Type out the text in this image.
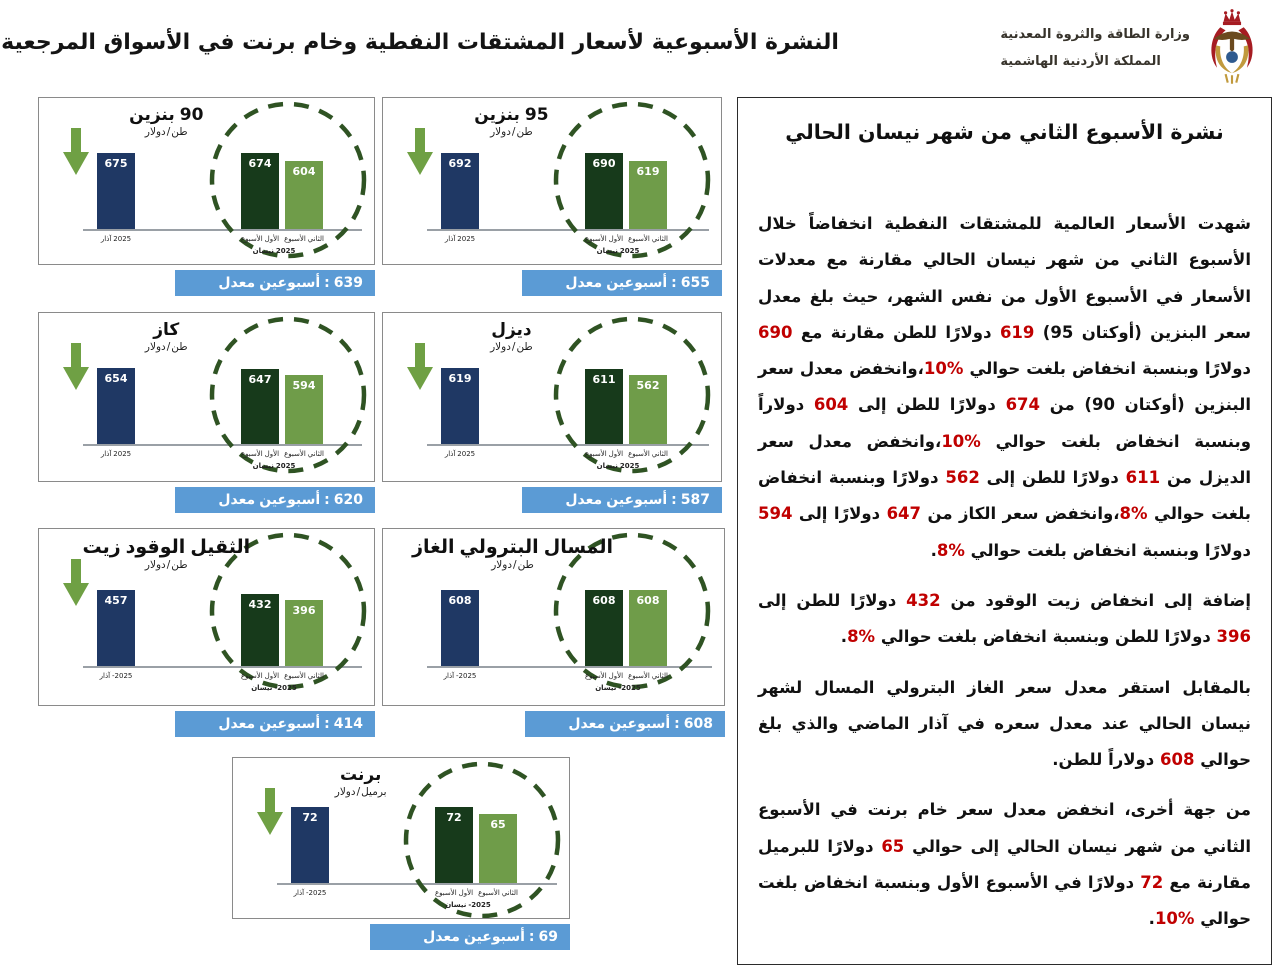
النشرة الأسبوعية لأسعار المشتقات النفطية وخام برنت في الأسواق المرجعية	وزارة الطاقة والثروة المعدنية
المملكة الأردنية الهاشمية
بنزين 90
دولار / طن
675	674
604
آذار 2025	الأسبوع الأول الأسبوع الثاني
نيسان 2025
معدل أسبوعين : 639
بنزين 95
دولار / طن
692	690
619
آذار 2025	الأسبوع الأول الأسبوع الثاني
نيسان 2025
معدل أسبوعين : 655
كاز
دولار / طن
654	647	594
آذار 2025	الأسبوع الأول الأسبوع الثاني
نيسان 2025
معدل أسبوعين : 620
ديزل
دولار / طن
619	611	562
آذار 2025	الأسبوع الأول الأسبوع الثاني
نيسان 2025
معدل أسبوعين : 587
زيت الوقود الثقيل
دولار / طن
457	432	396
آذار -2025	الأسبوع الأول الأسبوع الثاني
نيسان -2025
معدل أسبوعين : 414
الغاز البترولي المسال
دولار / طن
608	608	608
آذار -2025	الأسبوع الأول الأسبوع الثاني
نيسان -2025
معدل أسبوعين : 608
برنت
دولار / برميل
72	72
65
آذار -2025	الأسبوع الأول الأسبوع الثاني
نيسان -2025
معدل أسبوعين : 69
نشرة الأسبوع الثاني من شهر نيسان الحالي

شهدت الأسعار العالمية للمشتقات النفطية انخفاضاً خلال الأسبوع الثاني من شهر نيسان الحالي مقارنة مع معدلات الأسعار في الأسبوع الأول من نفس الشهر، حيث بلغ معدل سعر البنزين (أوكتان 95) 619 دولارًا للطن مقارنة مع 690 دولارًا وبنسبة انخفاض بلغت حوالي %10،وانخفض معدل سعر البنزين (أوكتان 90) من 674 دولارًا للطن إلى 604 دولاراً وبنسبة انخفاض بلغت حوالي %10،وانخفض معدل سعر الديزل من 611 دولارًا للطن إلى 562 دولارًا وبنسبة انخفاض بلغت حوالي %8،وانخفض سعر الكاز من 647 دولارًا إلى 594 دولارًا وبنسبة انخفاض بلغت حوالي %8.

إضافة إلى انخفاض زيت الوقود من 432 دولارًا للطن إلى 396 دولارًا للطن وبنسبة انخفاض بلغت حوالي %8.

بالمقابل استقر معدل سعر الغاز البترولي المسال لشهر نيسان الحالي عند معدل سعره في آذار الماضي والذي بلغ حوالي 608 دولاراً للطن.

من جهة أخرى، انخفض معدل سعر خام برنت في الأسبوع الثاني من شهر نيسان الحالي إلى حوالي 65 دولارًا للبرميل مقارنة مع 72 دولارًا في الأسبوع الأول وبنسبة انخفاض بلغت حوالي %10.
